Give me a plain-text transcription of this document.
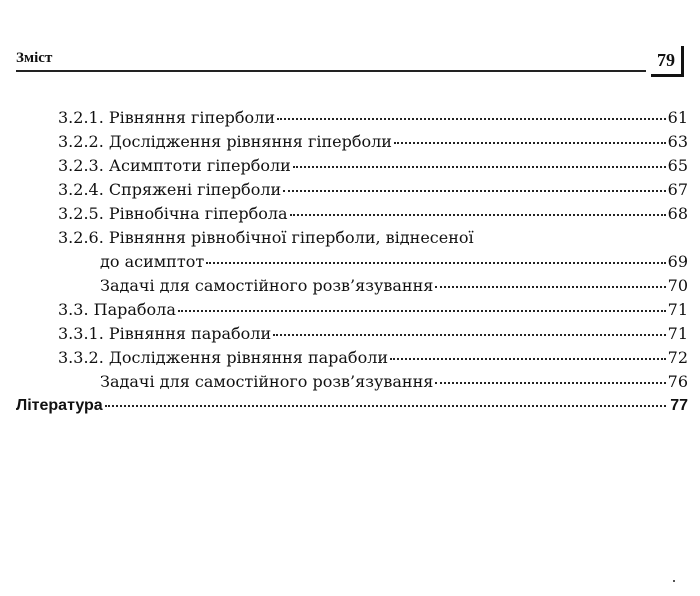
Зміст	79
3.2.1. Рівняння гіперболи	61
3.2.2. Дослідження рівняння гіперболи	63
3.2.3. Асимптоти гіперболи	65
3.2.4. Спряжені гіперболи	67
3.2.5. Рівнобічна гіпербола	68
3.2.6. Рівняння рівнобічної гіперболи, віднесеної
до асимптот	69
Задачі для самостійного розв’язування	70
3.3. Парабола	71
3.3.1. Рівняння параболи	71
3.3.2. Дослідження рівняння параболи	72
Задачі для самостійного розв’язування	76
Література	77
